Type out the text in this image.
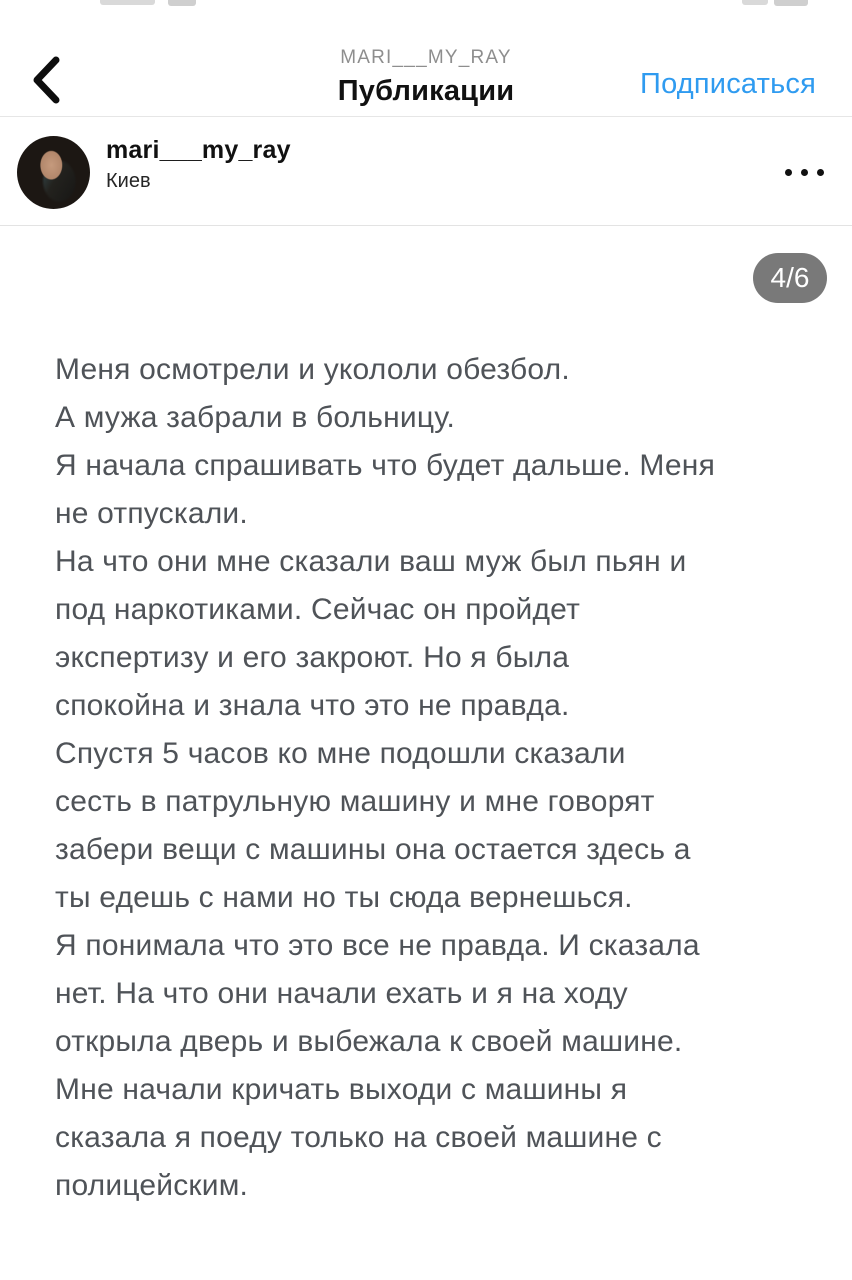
MARI___MY_RAY
Публикации	Подписаться
mari___my_ray
Киев
4/6
Меня осмотрели и укололи обезбол.
А мужа забрали в больницу.
Я начала спрашивать что будет дальше. Меня
не отпускали.
На что они мне сказали ваш муж был пьян и
под наркотиками. Сейчас он пройдет
экспертизу и его закроют. Но я была
спокойна и знала что это не правда.
Спустя 5 часов ко мне подошли сказали
сесть в патрульную машину и мне говорят
забери вещи с машины она остается здесь а
ты едешь с нами но ты сюда вернешься.
Я понимала что это все не правда. И сказала
нет. На что они начали ехать и я на ходу
открыла дверь и выбежала к своей машине.
Мне начали кричать выходи с машины я
сказала я поеду только на своей машине с
полицейским.
